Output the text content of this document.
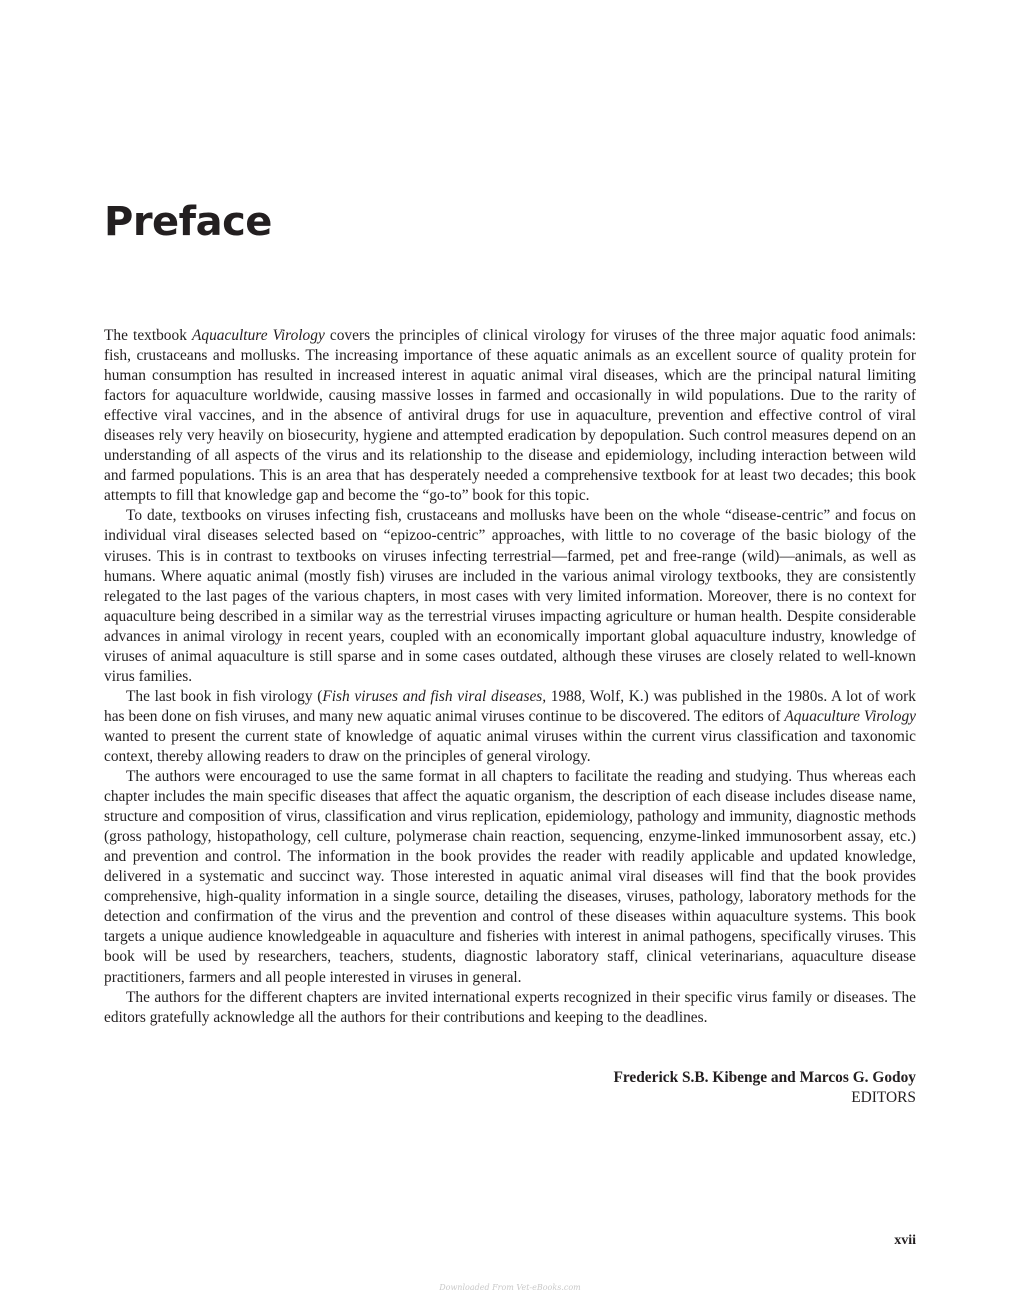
Preface

The textbook Aquaculture Virology covers the principles of clinical virology for viruses of the three major aquatic food animals: fish, crustaceans and mollusks. The increasing importance of these aquatic animals as an excellent source of quality protein for human consumption has resulted in increased interest in aquatic animal viral diseases, which are the principal natural limiting factors for aquaculture worldwide, causing massive losses in farmed and occasionally in wild populations. Due to the rarity of effective viral vaccines, and in the absence of antiviral drugs for use in aquaculture, prevention and effective control of viral diseases rely very heavily on biosecurity, hygiene and attempted eradication by depopulation. Such control measures depend on an understanding of all aspects of the virus and its relationship to the disease and epidemiology, including interaction between wild and farmed populations. This is an area that has desperately needed a comprehensive textbook for at least two decades; this book attempts to fill that knowledge gap and become the “go-to” book for this topic.

To date, textbooks on viruses infecting fish, crustaceans and mollusks have been on the whole “disease-centric” and focus on individual viral diseases selected based on “epizoo-centric” approaches, with little to no coverage of the basic biology of the viruses. This is in contrast to textbooks on viruses infecting terrestrial—farmed, pet and free-range (wild)—animals, as well as humans. Where aquatic animal (mostly fish) viruses are included in the various animal virology textbooks, they are consistently relegated to the last pages of the various chapters, in most cases with very limited information. Moreover, there is no context for aquaculture being described in a similar way as the terrestrial viruses impacting agriculture or human health. Despite considerable advances in animal virology in recent years, coupled with an economically important global aquaculture industry, knowledge of viruses of animal aquaculture is still sparse and in some cases outdated, although these viruses are closely related to well-known virus families.

The last book in fish virology (Fish viruses and fish viral diseases, 1988, Wolf, K.) was published in the 1980s. A lot of work has been done on fish viruses, and many new aquatic animal viruses continue to be discovered. The editors of Aquaculture Virology wanted to present the current state of knowledge of aquatic animal viruses within the current virus classification and taxonomic context, thereby allowing readers to draw on the principles of general virology.

The authors were encouraged to use the same format in all chapters to facilitate the reading and studying. Thus whereas each chapter includes the main specific diseases that affect the aquatic organism, the description of each disease includes disease name, structure and composition of virus, classification and virus replication, epidemiology, pathology and immunity, diagnostic methods (gross pathology, histopathology, cell culture, polymerase chain reaction, sequencing, enzyme-linked immunosorbent assay, etc.) and prevention and control. The information in the book provides the reader with readily applicable and updated knowledge, delivered in a systematic and succinct way. Those interested in aquatic animal viral diseases will find that the book provides comprehensive, high-quality information in a single source, detailing the diseases, viruses, pathology, laboratory methods for the detection and confirmation of the virus and the prevention and control of these diseases within aquaculture systems. This book targets a unique audience knowledgeable in aquaculture and fisheries with interest in animal pathogens, specifically viruses. This book will be used by researchers, teachers, students, diagnostic laboratory staff, clinical veterinarians, aquaculture disease practitioners, farmers and all people interested in viruses in general.

The authors for the different chapters are invited international experts recognized in their specific virus family or diseases. The editors gratefully acknowledge all the authors for their contributions and keeping to the deadlines.

Frederick S.B. Kibenge and Marcos G. Godoy
EDITORS
xvii
Downloaded From Vet-eBooks.com
